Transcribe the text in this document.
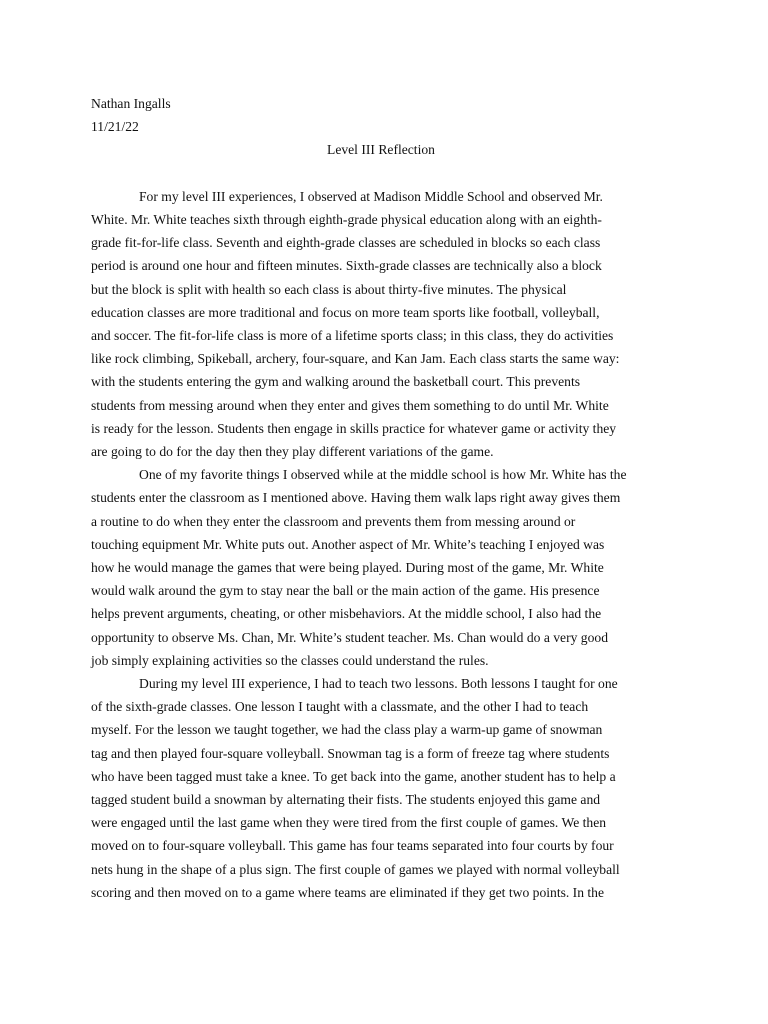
Nathan Ingalls
11/21/22
Level III Reflection

For my level III experiences, I observed at Madison Middle School and observed Mr.
White. Mr. White teaches sixth through eighth-grade physical education along with an eighth-
grade fit-for-life class. Seventh and eighth-grade classes are scheduled in blocks so each class
period is around one hour and fifteen minutes. Sixth-grade classes are technically also a block
but the block is split with health so each class is about thirty-five minutes. The physical
education classes are more traditional and focus on more team sports like football, volleyball,
and soccer. The fit-for-life class is more of a lifetime sports class; in this class, they do activities
like rock climbing, Spikeball, archery, four-square, and Kan Jam. Each class starts the same way:
with the students entering the gym and walking around the basketball court. This prevents
students from messing around when they enter and gives them something to do until Mr. White
is ready for the lesson. Students then engage in skills practice for whatever game or activity they
are going to do for the day then they play different variations of the game.

One of my favorite things I observed while at the middle school is how Mr. White has the
students enter the classroom as I mentioned above. Having them walk laps right away gives them
a routine to do when they enter the classroom and prevents them from messing around or
touching equipment Mr. White puts out. Another aspect of Mr. White’s teaching I enjoyed was
how he would manage the games that were being played. During most of the game, Mr. White
would walk around the gym to stay near the ball or the main action of the game. His presence
helps prevent arguments, cheating, or other misbehaviors. At the middle school, I also had the
opportunity to observe Ms. Chan, Mr. White’s student teacher. Ms. Chan would do a very good
job simply explaining activities so the classes could understand the rules.

During my level III experience, I had to teach two lessons. Both lessons I taught for one
of the sixth-grade classes. One lesson I taught with a classmate, and the other I had to teach
myself. For the lesson we taught together, we had the class play a warm-up game of snowman
tag and then played four-square volleyball. Snowman tag is a form of freeze tag where students
who have been tagged must take a knee. To get back into the game, another student has to help a
tagged student build a snowman by alternating their fists. The students enjoyed this game and
were engaged until the last game when they were tired from the first couple of games. We then
moved on to four-square volleyball. This game has four teams separated into four courts by four
nets hung in the shape of a plus sign. The first couple of games we played with normal volleyball
scoring and then moved on to a game where teams are eliminated if they get two points. In the
